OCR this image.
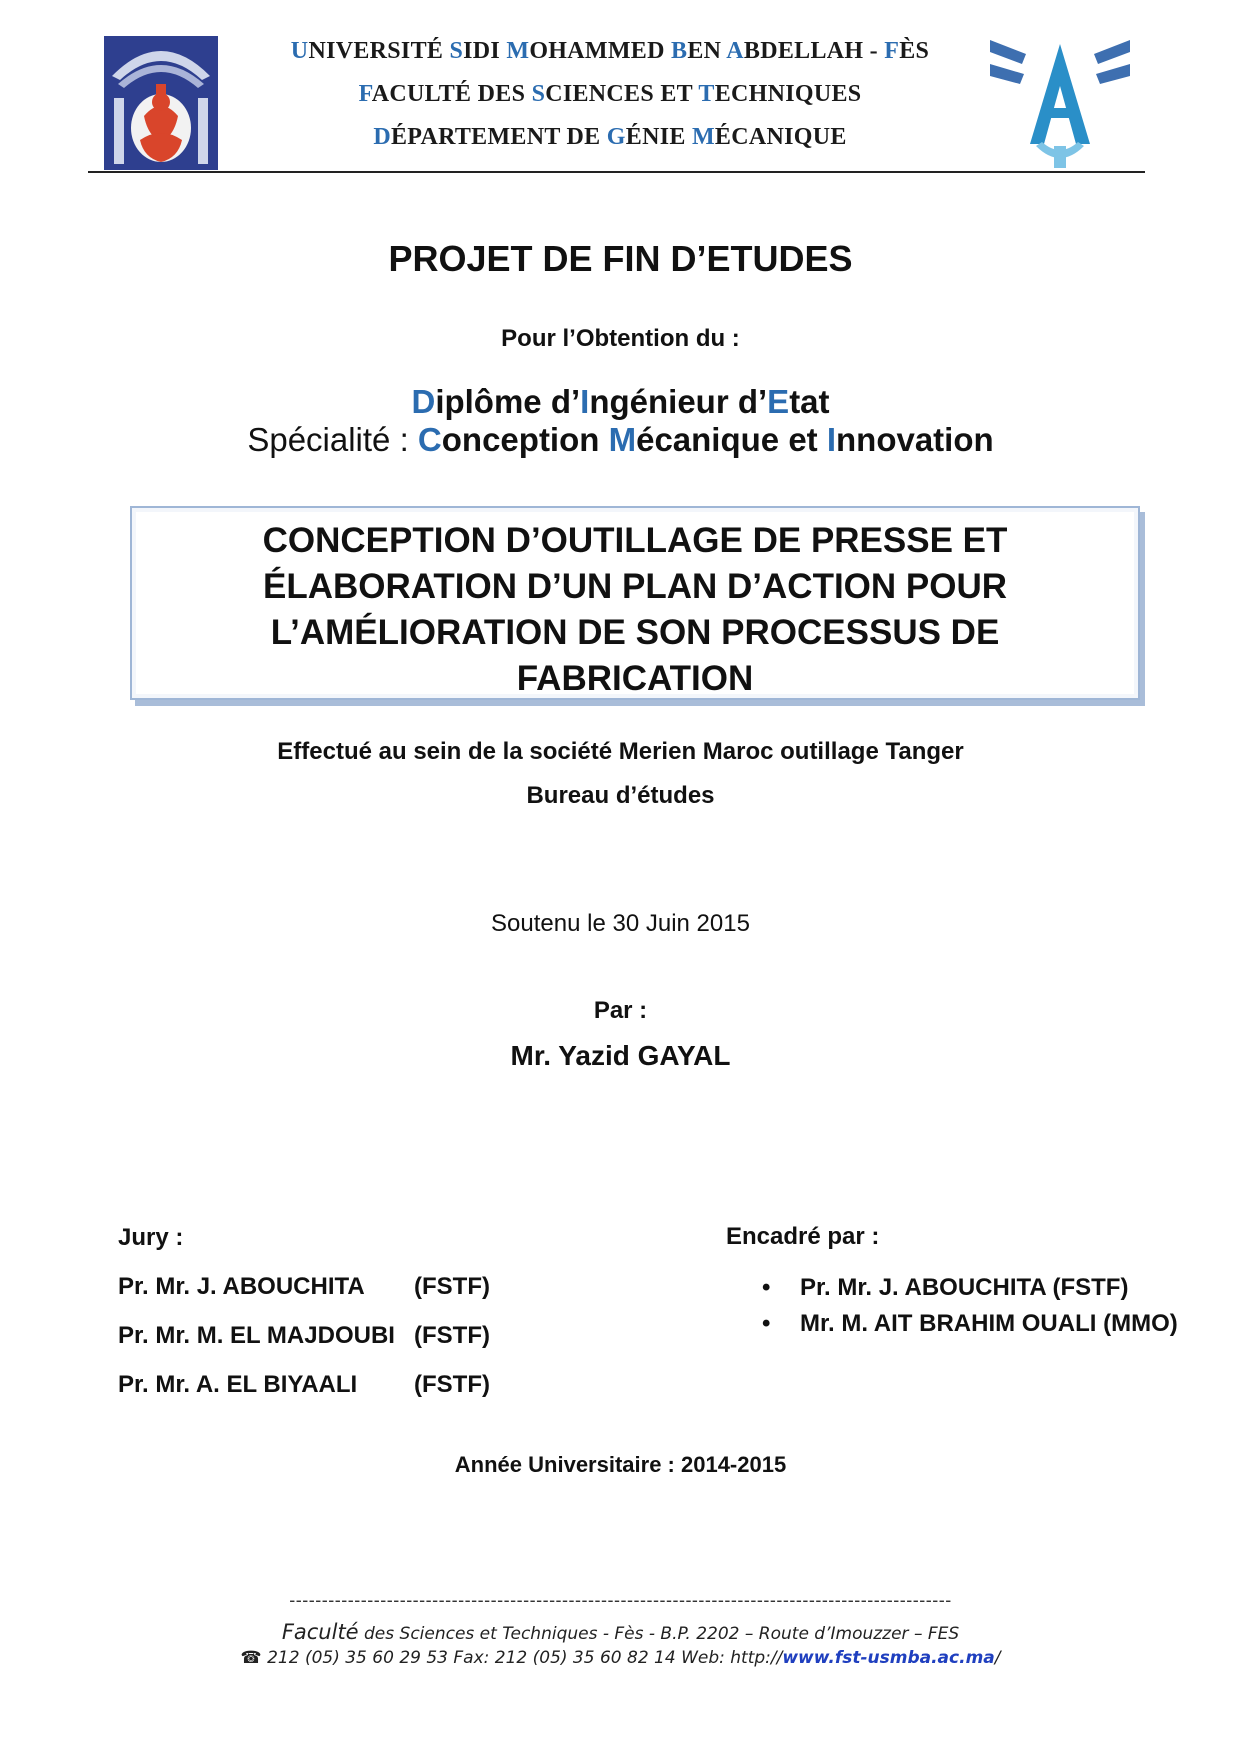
UNIVERSITÉ SIDI MOHAMMED BEN ABDELLAH - FÈS
FACULTÉ DES SCIENCES ET TECHNIQUES
DÉPARTEMENT DE GÉNIE MÉCANIQUE
PROJET DE FIN D’ETUDES
Pour l’Obtention du :
Diplôme d’Ingénieur d’Etat
Spécialité : Conception Mécanique et Innovation
CONCEPTION D’OUTILLAGE DE PRESSE ET
ÉLABORATION D’UN PLAN D’ACTION POUR
L’AMÉLIORATION DE SON PROCESSUS DE
FABRICATION
Effectué au sein de la société Merien Maroc outillage Tanger
Bureau d’études
Soutenu le 30 Juin 2015
Par :
Mr. Yazid GAYAL
Jury :
Pr. Mr. J. ABOUCHITA (FSTF)
Pr. Mr. M. EL MAJDOUBI (FSTF)
Pr. Mr. A. EL BIYAALI (FSTF)
Encadré par :
• Pr. Mr. J. ABOUCHITA (FSTF)
• Mr. M. AIT BRAHIM OUALI (MMO)
Année Universitaire : 2014-2015
------------------------------------------------------------------------------------------------------
Faculté des Sciences et Techniques - Fès - B.P. 2202 – Route d’Imouzzer – FES
☎ 212 (05) 35 60 29 53 Fax: 212 (05) 35 60 82 14 Web: http://www.fst-usmba.ac.ma/
